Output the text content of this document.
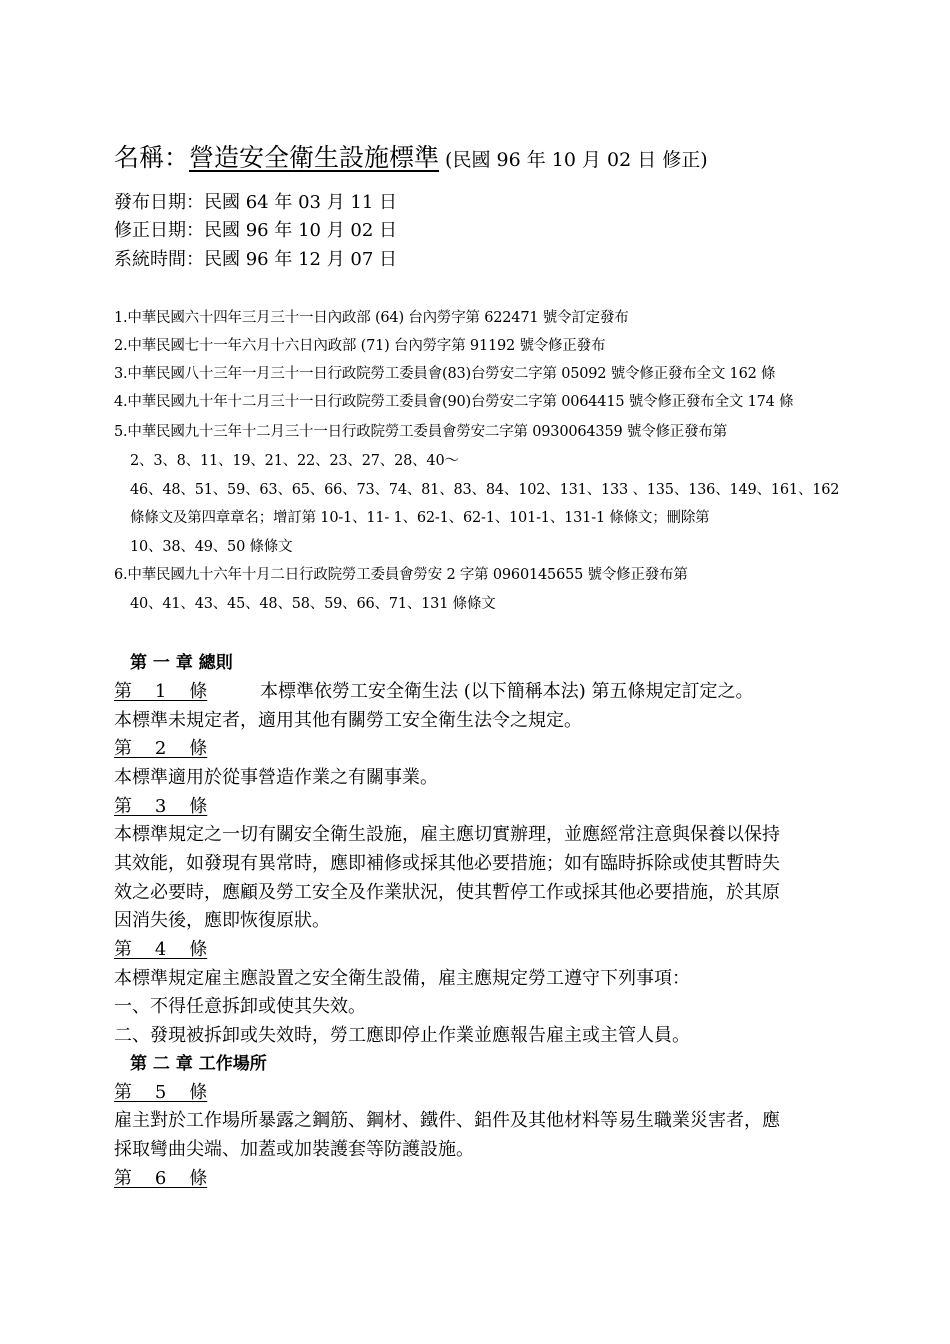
名稱：營造安全衛生設施標準 (民國 96 年 10 月 02 日 修正)
發布日期：民國 64 年 03 月 11 日
修正日期：民國 96 年 10 月 02 日
系統時間：民國 96 年 12 月 07 日
1.中華民國六十四年三月三十一日內政部 (64) 台內勞字第 622471 號令訂定發布
2.中華民國七十一年六月十六日內政部 (71) 台內勞字第 91192 號令修正發布
3.中華民國八十三年一月三十一日行政院勞工委員會(83)台勞安二字第 05092 號令修正發布全文 162 條
4.中華民國九十年十二月三十一日行政院勞工委員會(90)台勞安二字第 0064415 號令修正發布全文 174 條
5.中華民國九十三年十二月三十一日行政院勞工委員會勞安二字第 0930064359 號令修正發布第
2、3、8、11、19、21、22、23、27、28、40～
46、48、51、59、63、65、66、73、74、81、83、84、102、131、133 、135、136、149、161、162
條條文及第四章章名；增訂第 10-1、11- 1、62-1、62-1、101-1、131-1 條條文；刪除第
10、38、49、50 條條文
6.中華民國九十六年十月二日行政院勞工委員會勞安 2 字第 0960145655 號令修正發布第
40、41、43、45、48、58、59、66、71、131 條條文
第 一 章 總則
第    1    條	本標準依勞工安全衛生法 (以下簡稱本法) 第五條規定訂定之。
本標準未規定者，適用其他有關勞工安全衛生法令之規定。
第    2    條
本標準適用於從事營造作業之有關事業。
第    3    條
本標準規定之一切有關安全衛生設施，雇主應切實辦理，並應經常注意與保養以保持
其效能，如發現有異常時，應即補修或採其他必要措施；如有臨時拆除或使其暫時失
效之必要時，應顧及勞工安全及作業狀況，使其暫停工作或採其他必要措施，於其原
因消失後，應即恢復原狀。
第    4    條
本標準規定雇主應設置之安全衛生設備，雇主應規定勞工遵守下列事項：
一、不得任意拆卸或使其失效。
二、發現被拆卸或失效時，勞工應即停止作業並應報告雇主或主管人員。
第 二 章 工作場所
第    5    條
雇主對於工作場所暴露之鋼筋、鋼材、鐵件、鋁件及其他材料等易生職業災害者，應
採取彎曲尖端、加蓋或加裝護套等防護設施。
第    6    條
